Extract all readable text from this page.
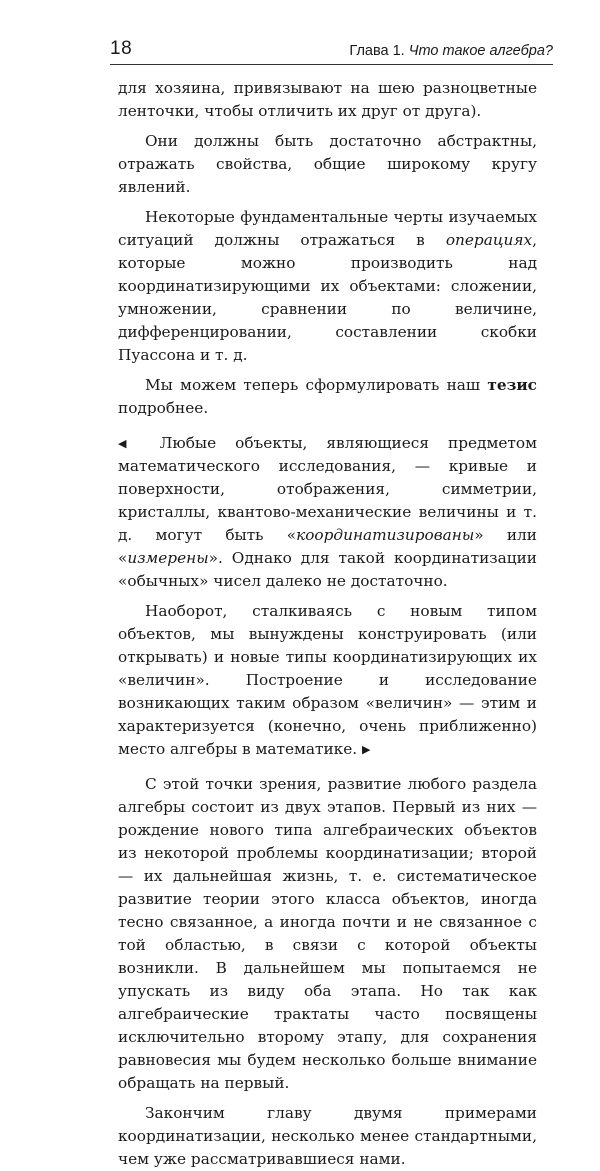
18	Глава 1. Что такое алгебра?

для хозяина, привязывают на шею разноцветные ленточки, чтобы отличить их друг от друга).

Они должны быть достаточно абстрактны, отражать свойства, общие широкому кругу явлений.

Некоторые фундаментальные черты изучаемых ситуаций должны отражаться в операциях, которые можно производить над координатизирующими их объектами: сложении, умножении, сравнении по величине, дифференцировании, составлении скобки Пуассона и т. д.

Мы можем теперь сформулировать наш тезис подробнее.

◀ Любые объекты, являющиеся предметом математического исследования, — кривые и поверхности, отображения, симметрии, кристаллы, квантово-механические величины и т. д. могут быть «координатизированы» или «измерены». Однако для такой координатизации «обычных» чисел далеко не достаточно.

Наоборот, сталкиваясь с новым типом объектов, мы вынуждены конструировать (или открывать) и новые типы координатизирующих их «величин». Построение и исследование возникающих таким образом «величин» — этим и характеризуется (конечно, очень приближенно) место алгебры в математике. ▶

С этой точки зрения, развитие любого раздела алгебры состоит из двух этапов. Первый из них — рождение нового типа алгебраических объектов из некоторой проблемы координатизации; второй — их дальнейшая жизнь, т. е. систематическое развитие теории этого класса объектов, иногда тесно связанное, а иногда почти и не связанное с той областью, в связи с которой объекты возникли. В дальнейшем мы попытаемся не упускать из виду оба этапа. Но так как алгебраические трактаты часто посвящены исключительно второму этапу, для сохранения равновесия мы будем несколько больше внимание обращать на первый.

Закончим главу двумя примерами координатизации, несколько менее стандартными, чем уже рассматривавшиеся нами.
